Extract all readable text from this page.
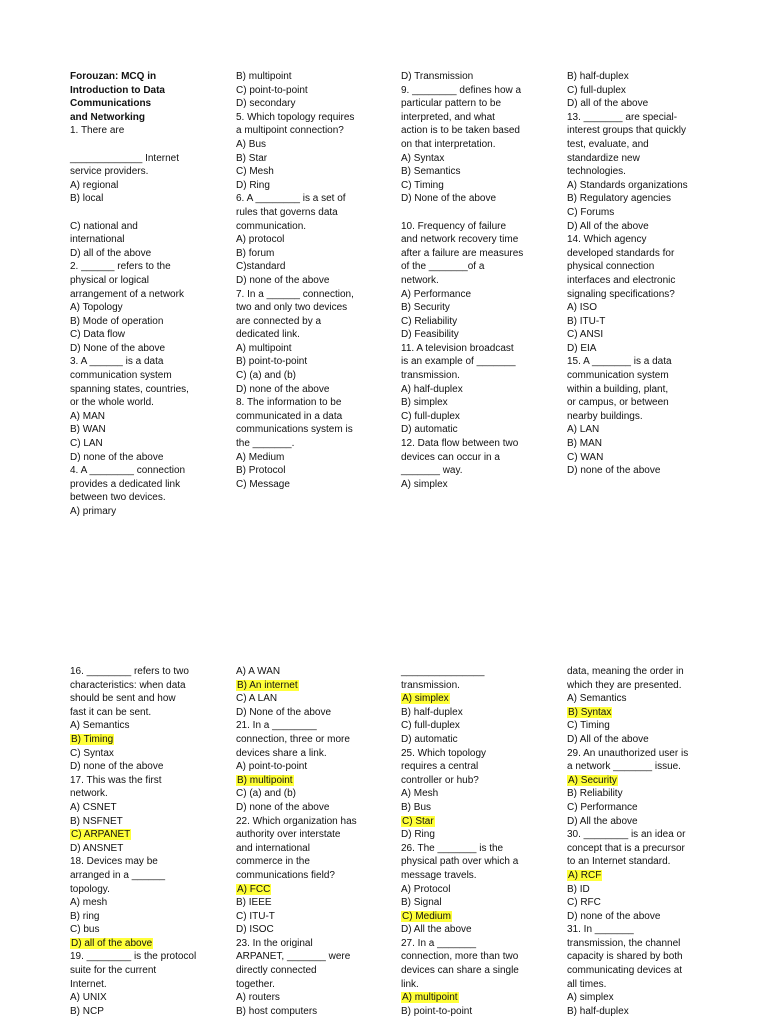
Forouzan: MCQ in
Introduction to Data
Communications
and Networking
1. There are

_____________ Internet
service providers.
A) regional
B) local

C) national and
international
D) all of the above
2. ______ refers to the
physical or logical
arrangement of a network
A) Topology
B) Mode of operation
C) Data flow
D) None of the above
3. A ______ is a data
communication system
spanning states, countries,
or the whole world.
A) MAN
B) WAN
C) LAN
D) none of the above
4. A ________ connection
provides a dedicated link
between two devices.
A) primary
B) multipoint
C) point-to-point
D) secondary
5. Which topology requires
a multipoint connection?
A) Bus
B) Star
C) Mesh
D) Ring
6. A ________ is a set of
rules that governs data
communication.
A) protocol
B) forum
C)standard
D) none of the above
7. In a ______ connection,
two and only two devices
are connected by a
dedicated link.
A) multipoint
B) point-to-point
C) (a) and (b)
D) none of the above
8. The information to be
communicated in a data
communications system is
the _______.
A) Medium
B) Protocol
C) Message
D) Transmission
9. ________ defines how a
particular pattern to be
interpreted, and what
action is to be taken based
on that interpretation.
A) Syntax
B) Semantics
C) Timing
D) None of the above

10. Frequency of failure
and network recovery time
after a failure are measures
of the _______of a
network.
A) Performance
B) Security
C) Reliability
D) Feasibility
11. A television broadcast
is an example of _______
transmission.
A) half-duplex
B) simplex
C) full-duplex
D) automatic
12. Data flow between two
devices can occur in a
_______ way.
A) simplex
B) half-duplex
C) full-duplex
D) all of the above
13. _______ are special-
interest groups that quickly
test, evaluate, and
standardize new
technologies.
A) Standards organizations
B) Regulatory agencies
C) Forums
D) All of the above
14. Which agency
developed standards for
physical connection
interfaces and electronic
signaling specifications?
A) ISO
B) ITU-T
C) ANSI
D) EIA
15. A _______ is a data
communication system
within a building, plant,
or campus, or between
nearby buildings.
A) LAN
B) MAN
C) WAN
D) none of the above
16. ________ refers to two
characteristics: when data
should be sent and how
fast it can be sent.
A) Semantics
B) Timing
C) Syntax
D) none of the above
17. This was the first
network.
A) CSNET
B) NSFNET
C) ARPANET
D) ANSNET
18. Devices may be
arranged in a ______
topology.
A) mesh
B) ring
C) bus
D) all of the above
19. ________ is the protocol
suite for the current
Internet.
A) UNIX
B) NCP
A) A WAN
B) An internet
C) A LAN
D) None of the above
21. In a ________
connection, three or more
devices share a link.
A) point-to-point
B) multipoint
C) (a) and (b)
D) none of the above
22. Which organization has
authority over interstate
and international
commerce in the
communications field?
A) FCC
B) IEEE
C) ITU-T
D) ISOC
23. In the original
ARPANET, _______ were
directly connected
together.
A) routers
B) host computers
_______________
transmission.
A) simplex
B) half-duplex
C) full-duplex
D) automatic
25. Which topology
requires a central
controller or hub?
A) Mesh
B) Bus
C) Star
D) Ring
26. The _______ is the
physical path over which a
message travels.
A) Protocol
B) Signal
C) Medium
D) All the above
27. In a _______
connection, more than two
devices can share a single
link.
A) multipoint
B) point-to-point
data, meaning the order in
which they are presented.
A) Semantics
B) Syntax
C) Timing
D) All of the above
29. An unauthorized user is
a network _______ issue.
A) Security
B) Reliability
C) Performance
D) All the above
30. ________ is an idea or
concept that is a precursor
to an Internet standard.
A) RCF
B) ID
C) RFC
D) none of the above
31. In _______
transmission, the channel
capacity is shared by both
communicating devices at
all times.
A) simplex
B) half-duplex
